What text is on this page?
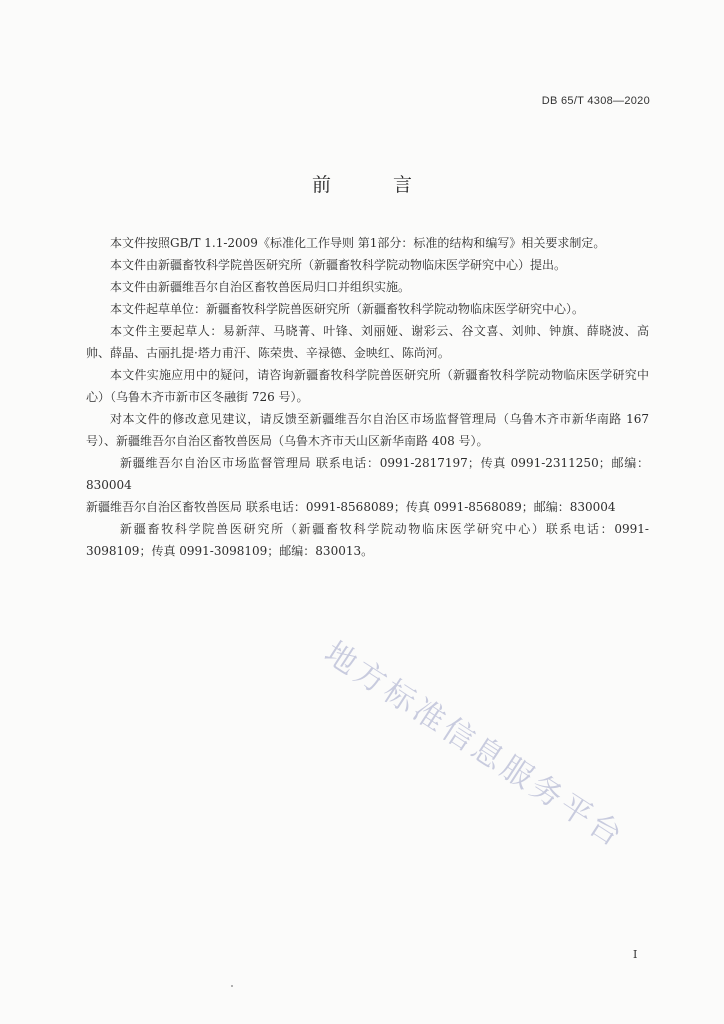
DB 65/T 4308—2020
前 言

本文件按照GB/T 1.1-2009《标准化工作导则 第1部分：标准的结构和编写》相关要求制定。

本文件由新疆畜牧科学院兽医研究所（新疆畜牧科学院动物临床医学研究中心）提出。

本文件由新疆维吾尔自治区畜牧兽医局归口并组织实施。

本文件起草单位：新疆畜牧科学院兽医研究所（新疆畜牧科学院动物临床医学研究中心）。

本文件主要起草人：易新萍、马晓菁、叶锋、刘丽娅、谢彩云、谷文喜、刘帅、钟旗、薛晓波、高帅、薛晶、古丽扎提·塔力甫汗、陈荣贵、辛禄德、金映红、陈尚河。

本文件实施应用中的疑问，请咨询新疆畜牧科学院兽医研究所（新疆畜牧科学院动物临床医学研究中心）（乌鲁木齐市新市区冬融街 726 号）。

对本文件的修改意见建议，请反馈至新疆维吾尔自治区市场监督管理局（乌鲁木齐市新华南路 167 号）、新疆维吾尔自治区畜牧兽医局（乌鲁木齐市天山区新华南路 408 号）。

新疆维吾尔自治区市场监督管理局 联系电话：0991-2817197；传真 0991-2311250；邮编：830004

新疆维吾尔自治区畜牧兽医局 联系电话：0991-8568089；传真 0991-8568089；邮编：830004

新疆畜牧科学院兽医研究所（新疆畜牧科学院动物临床医学研究中心）联系电话：0991-3098109；传真 0991-3098109；邮编：830013。

地方标准信息服务平台
I
